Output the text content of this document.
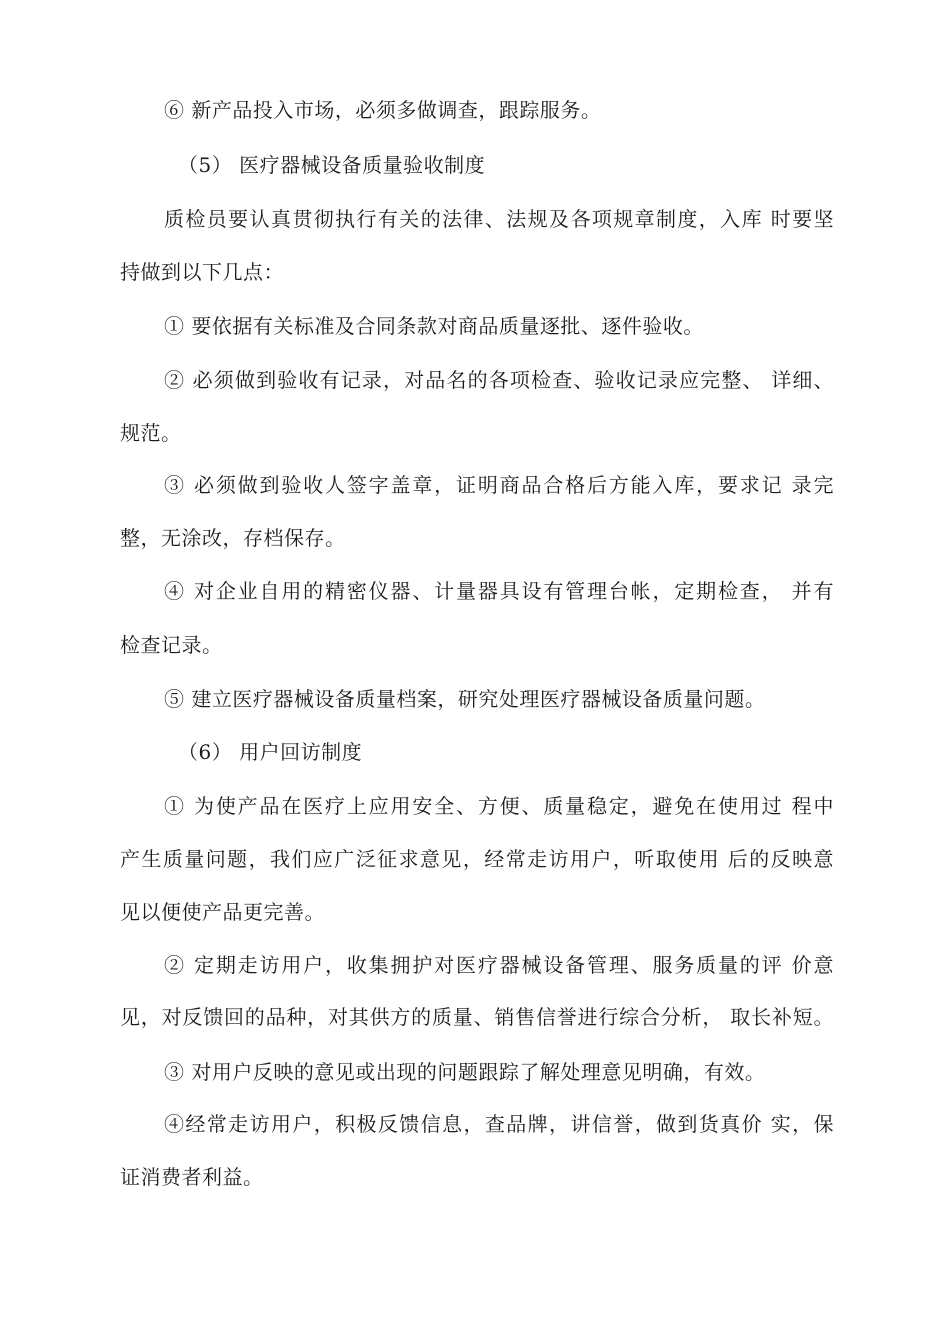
⑥ 新产品投入市场，必须多做调查，跟踪服务。
（5） 医疗器械设备质量验收制度
质检员要认真贯彻执行有关的法律、法规及各项规章制度，入库 时要坚
持做到以下几点：
① 要依据有关标准及合同条款对商品质量逐批、逐件验收。
② 必须做到验收有记录，对品名的各项检查、验收记录应完整、 详细、
规范。
③ 必须做到验收人签字盖章，证明商品合格后方能入库，要求记 录完
整，无涂改，存档保存。
④ 对企业自用的精密仪器、计量器具设有管理台帐，定期检查， 并有
检查记录。
⑤ 建立医疗器械设备质量档案，研究处理医疗器械设备质量问题。
（6） 用户回访制度
① 为使产品在医疗上应用安全、方便、质量稳定，避免在使用过 程中
产生质量问题，我们应广泛征求意见，经常走访用户，听取使用 后的反映意
见以便使产品更完善。
② 定期走访用户，收集拥护对医疗器械设备管理、服务质量的评 价意
见，对反馈回的品种，对其供方的质量、销售信誉进行综合分析， 取长补短。
③ 对用户反映的意见或出现的问题跟踪了解处理意见明确，有效。
④经常走访用户，积极反馈信息，查品牌，讲信誉，做到货真价 实，保
证消费者利益。
